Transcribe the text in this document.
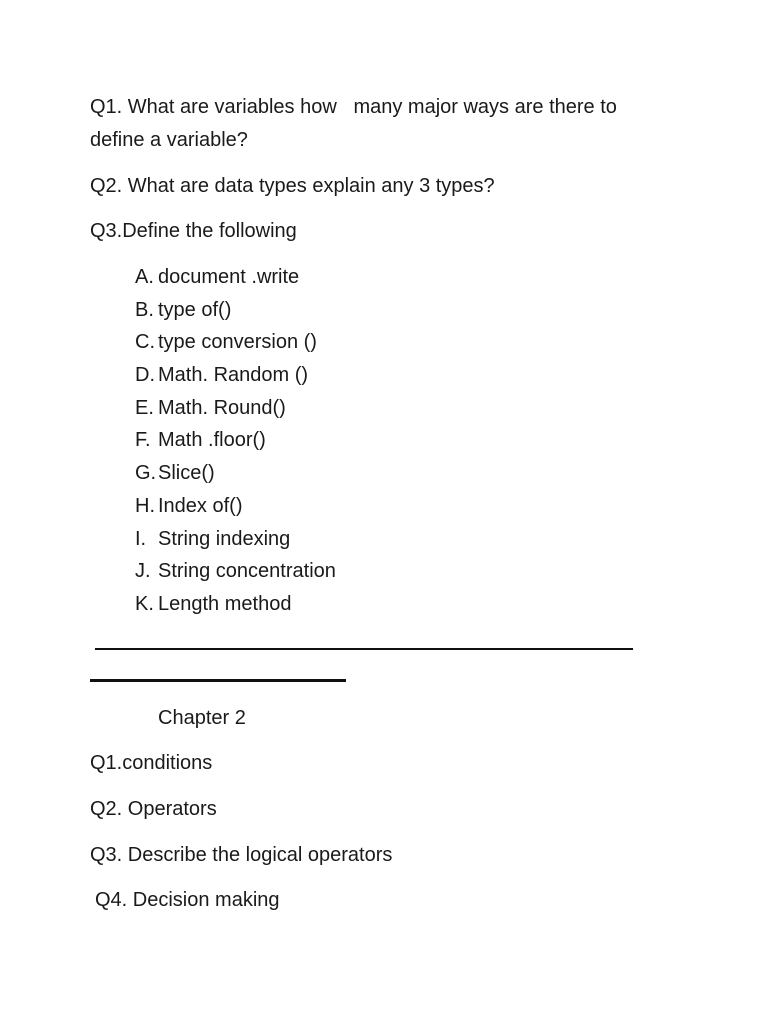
Q1. What are variables how   many major ways are there to
define a variable?
Q2. What are data types explain any 3 types?
Q3.Define the following
A. document .write
B. type of()
C. type conversion ()
D. Math. Random ()
E. Math. Round()
F. Math .floor()
G.Slice()
H. Index of()
I. String indexing
J. String concentration
K. Length method
Chapter 2
Q1.conditions
Q2. Operators
Q3. Describe the logical operators
Q4. Decision making
